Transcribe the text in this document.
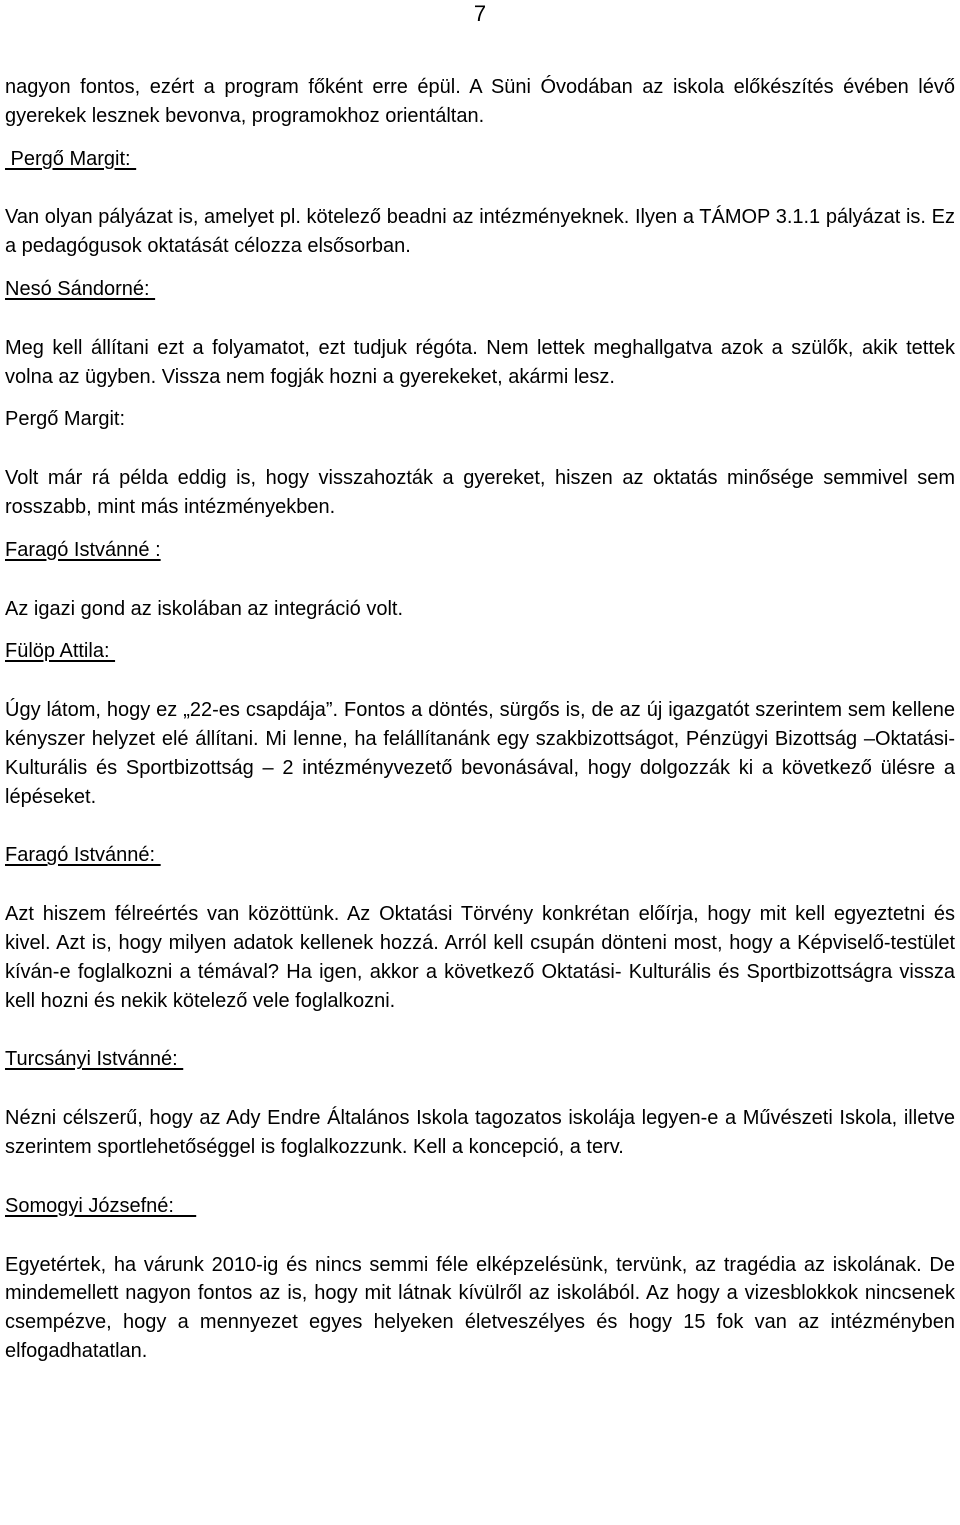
7

nagyon fontos, ezért a program főként erre épül. A Süni Óvodában az iskola előkészítés évében lévő gyerekek lesznek bevonva, programokhoz orientáltan.

Pergő Margit:

Van olyan pályázat is, amelyet pl. kötelező beadni az intézményeknek. Ilyen a TÁMOP 3.1.1 pályázat is. Ez a pedagógusok oktatását célozza elsősorban.

Nesó Sándorné:

Meg kell állítani ezt a folyamatot, ezt tudjuk régóta. Nem lettek meghallgatva azok a szülők, akik tettek volna az ügyben. Vissza nem fogják hozni a gyerekeket, akármi lesz.

Pergő Margit:

Volt már rá példa eddig is, hogy visszahozták a gyereket, hiszen az oktatás minősége semmivel sem rosszabb, mint más intézményekben.

Faragó Istvánné :

Az igazi gond az iskolában az integráció volt.

Fülöp Attila:

Úgy látom, hogy ez „22-es csapdája”. Fontos a döntés, sürgős is, de az új igazgatót szerintem sem kellene kényszer helyzet elé állítani. Mi lenne, ha felállítanánk egy szakbizottságot, Pénzügyi Bizottság –Oktatási- Kulturális és Sportbizottság – 2 intézményvezető bevonásával, hogy dolgozzák ki a következő ülésre a lépéseket.

Faragó Istvánné:

Azt hiszem félreértés van közöttünk. Az Oktatási Törvény konkrétan előírja, hogy mit kell egyeztetni és kivel. Azt is, hogy milyen adatok kellenek hozzá. Arról kell csupán dönteni most, hogy a Képviselő-testület kíván-e foglalkozni a témával? Ha igen, akkor a következő Oktatási- Kulturális és Sportbizottságra vissza kell hozni és nekik kötelező vele foglalkozni.

Turcsányi Istvánné:

Nézni célszerű, hogy az Ady Endre Általános Iskola tagozatos iskolája legyen-e a Művészeti Iskola, illetve szerintem sportlehetőséggel is foglalkozzunk. Kell a koncepció, a terv.

Somogyi Józsefné:

Egyetértek, ha várunk 2010-ig és nincs semmi féle elképzelésünk, tervünk, az tragédia az iskolának. De mindemellett nagyon fontos az is, hogy mit látnak kívülről az iskolából. Az hogy a vizesblokkok nincsenek csempézve, hogy a mennyezet egyes helyeken életveszélyes és hogy 15 fok van az intézményben elfogadhatatlan.
